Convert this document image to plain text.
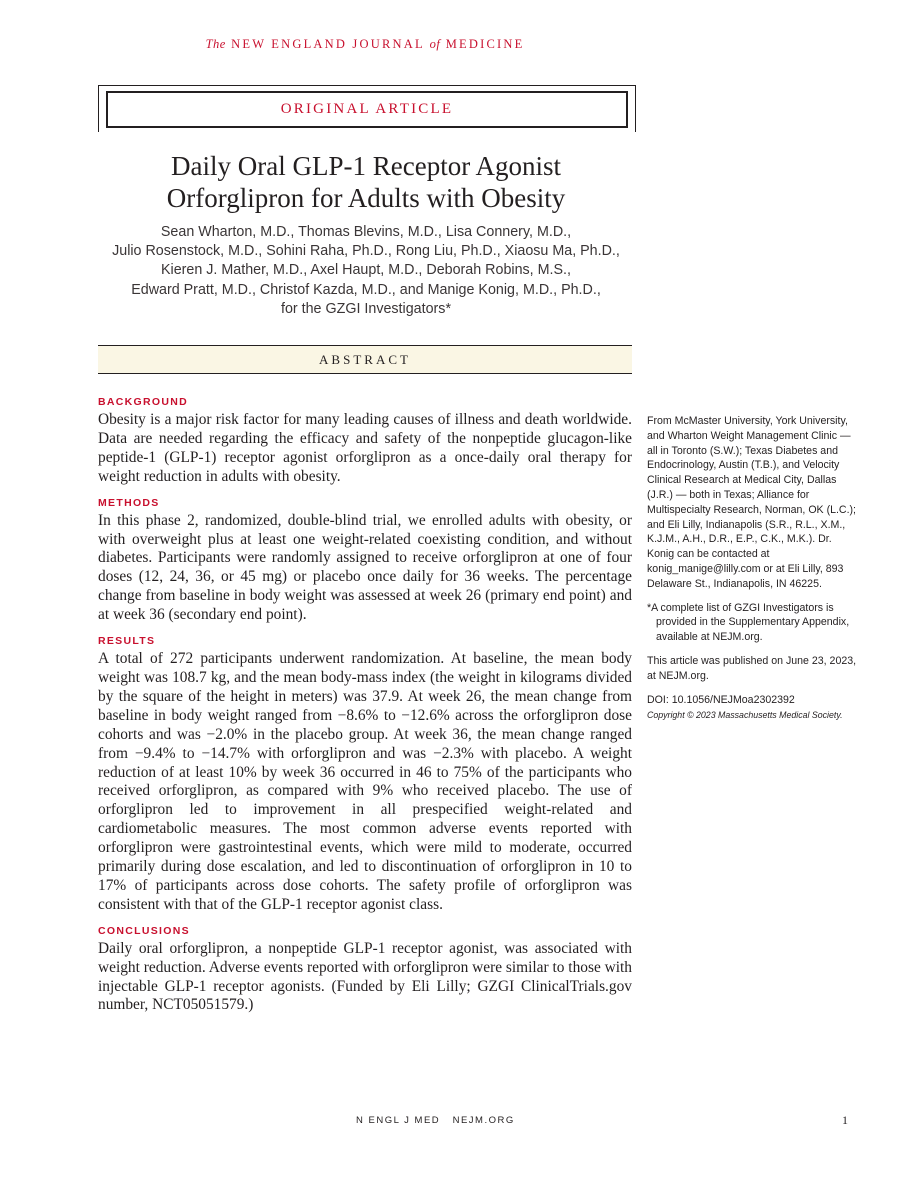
The NEW ENGLAND JOURNAL of MEDICINE
ORIGINAL ARTICLE
Daily Oral GLP-1 Receptor Agonist
Orforglipron for Adults with Obesity
Sean Wharton, M.D., Thomas Blevins, M.D., Lisa Connery, M.D.,
Julio Rosenstock, M.D., Sohini Raha, Ph.D., Rong Liu, Ph.D., Xiaosu Ma, Ph.D.,
Kieren J. Mather, M.D., Axel Haupt, M.D., Deborah Robins, M.S.,
Edward Pratt, M.D., Christof Kazda, M.D., and Manige Konig, M.D., Ph.D.,
for the GZGI Investigators*
ABSTRACT
BACKGROUND

Obesity is a major risk factor for many leading causes of illness and death worldwide. Data are needed regarding the efficacy and safety of the nonpeptide glucagon-like peptide-1 (GLP-1) receptor agonist orforglipron as a once-daily oral therapy for weight reduction in adults with obesity.

METHODS

In this phase 2, randomized, double-blind trial, we enrolled adults with obesity, or with overweight plus at least one weight-related coexisting condition, and without diabetes. Participants were randomly assigned to receive orforglipron at one of four doses (12, 24, 36, or 45 mg) or placebo once daily for 36 weeks. The percentage change from baseline in body weight was assessed at week 26 (primary end point) and at week 36 (secondary end point).

RESULTS

A total of 272 participants underwent randomization. At baseline, the mean body weight was 108.7 kg, and the mean body-mass index (the weight in kilograms divided by the square of the height in meters) was 37.9. At week 26, the mean change from baseline in body weight ranged from −8.6% to −12.6% across the orforglipron dose cohorts and was −2.0% in the placebo group. At week 36, the mean change ranged from −9.4% to −14.7% with orforglipron and was −2.3% with placebo. A weight reduction of at least 10% by week 36 occurred in 46 to 75% of the participants who received orforglipron, as compared with 9% who received placebo. The use of orforglipron led to improvement in all prespecified weight-related and cardiometabolic measures. The most common adverse events reported with orforglipron were gastrointestinal events, which were mild to moderate, occurred primarily during dose escalation, and led to discontinuation of orforglipron in 10 to 17% of participants across dose cohorts. The safety profile of orforglipron was consistent with that of the GLP-1 receptor agonist class.

CONCLUSIONS

Daily oral orforglipron, a nonpeptide GLP-1 receptor agonist, was associated with weight reduction. Adverse events reported with orforglipron were similar to those with injectable GLP-1 receptor agonists. (Funded by Eli Lilly; GZGI ClinicalTrials.gov number, NCT05051579.)

From McMaster University, York University, and Wharton Weight Management Clinic — all in Toronto (S.W.); Texas Diabetes and Endocrinology, Austin (T.B.), and Velocity Clinical Research at Medical City, Dallas (J.R.) — both in Texas; Alliance for Multispecialty Research, Norman, OK (L.C.); and Eli Lilly, Indianapolis (S.R., R.L., X.M., K.J.M., A.H., D.R., E.P., C.K., M.K.). Dr. Konig can be contacted at konig_manige@lilly.com or at Eli Lilly, 893 Delaware St., Indianapolis, IN 46225.

*A complete list of GZGI Investigators is provided in the Supplementary Appendix, available at NEJM.org.

This article was published on June 23, 2023, at NEJM.org.

DOI: 10.1056/NEJMoa2302392

Copyright © 2023 Massachusetts Medical Society.

N ENGL J MED NEJM.ORG	1
